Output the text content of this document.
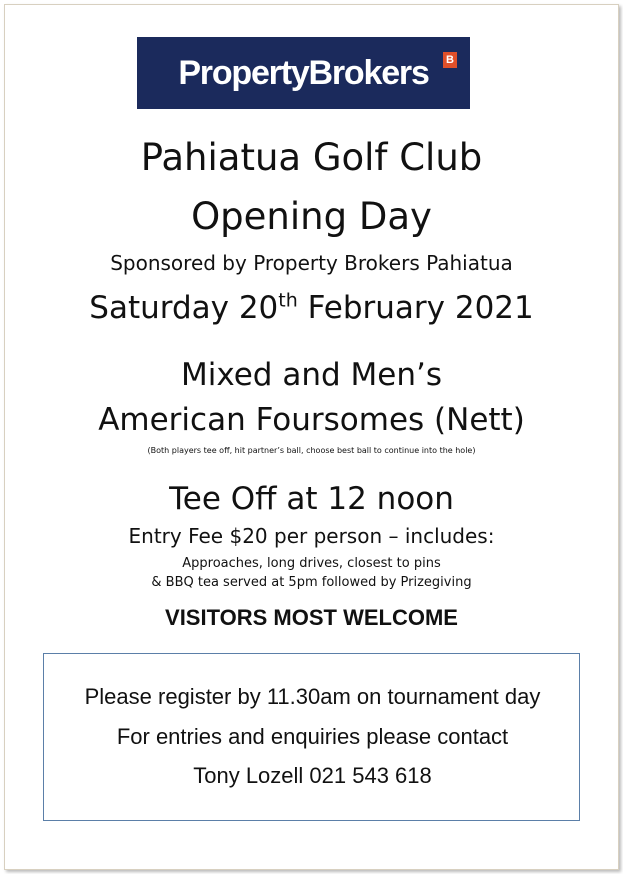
PropertyBrokers B
Pahiatua Golf Club
Opening Day
Sponsored by Property Brokers Pahiatua
Saturday 20th February 2021
Mixed and Men’s
American Foursomes (Nett)
(Both players tee off, hit partner’s ball, choose best ball to continue into the hole)
Tee Off at 12 noon
Entry Fee $20 per person – includes:
Approaches, long drives, closest to pins
& BBQ tea served at 5pm followed by Prizegiving
VISITORS MOST WELCOME
Please register by 11.30am on tournament day
For entries and enquiries please contact
Tony Lozell 021 543 618
